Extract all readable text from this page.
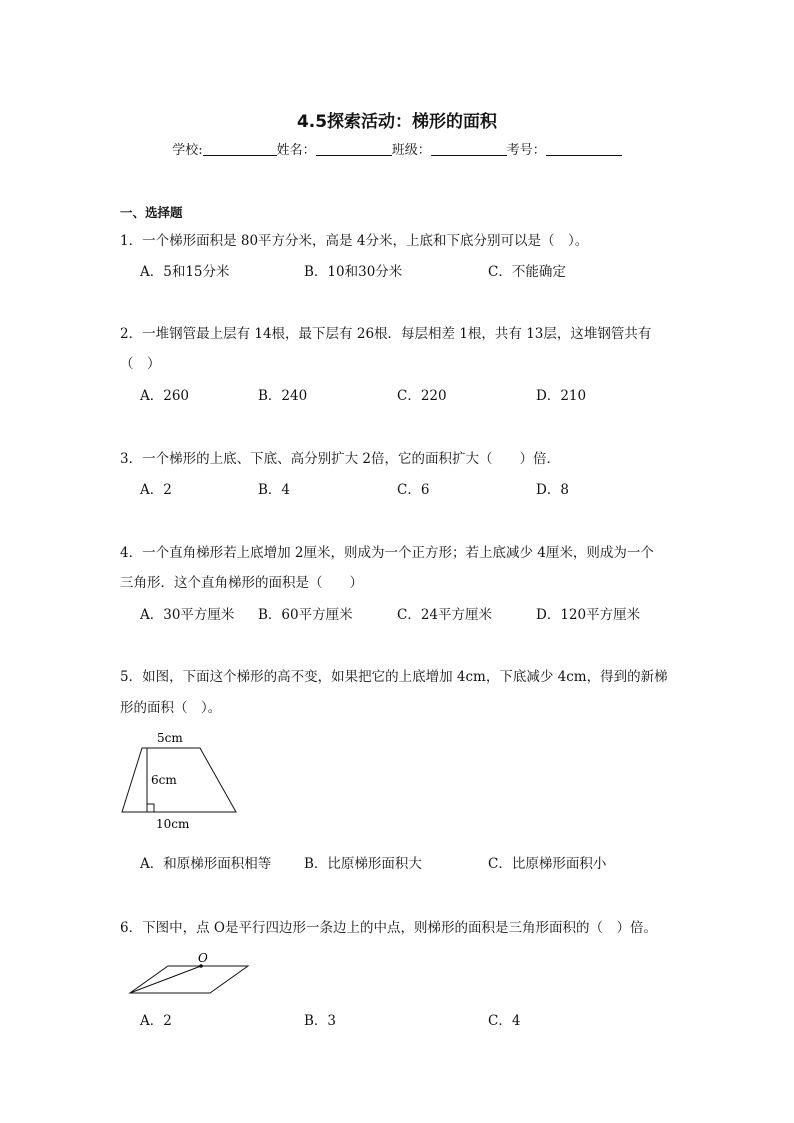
4.5探索活动：梯形的面积
学校:	姓名：	班级：	考号：
一、选择题
1．一个梯形面积是 80平方分米，高是 4分米，上底和下底分别可以是（　）。
A．5和15分米	B．10和30分米	C．不能确定
2．一堆钢管最上层有 14根，最下层有 26根．每层相差 1根，共有 13层，这堆钢管共有
（　）
A．260	B．240	C．220	D．210
3．一个梯形的上底、下底、高分别扩大 2倍，它的面积扩大（　　）倍．
A．2	B．4	C．6	D．8
4．一个直角梯形若上底增加 2厘米，则成为一个正方形；若上底减少 4厘米，则成为一个
三角形．这个直角梯形的面积是（　　）
A．30平方厘米 B．60平方厘米	C．24平方厘米	D．120平方厘米
5．如图，下面这个梯形的高不变，如果把它的上底增加 4cm，下底减少 4cm，得到的新梯
形的面积（　）。
5cm
6cm
10cm
A．和原梯形面积相等 B．比原梯形面积大	C．比原梯形面积小
6．下图中，点 O是平行四边形一条边上的中点，则梯形的面积是三角形面积的（　）倍。
O
A．2	B．3	C．4
